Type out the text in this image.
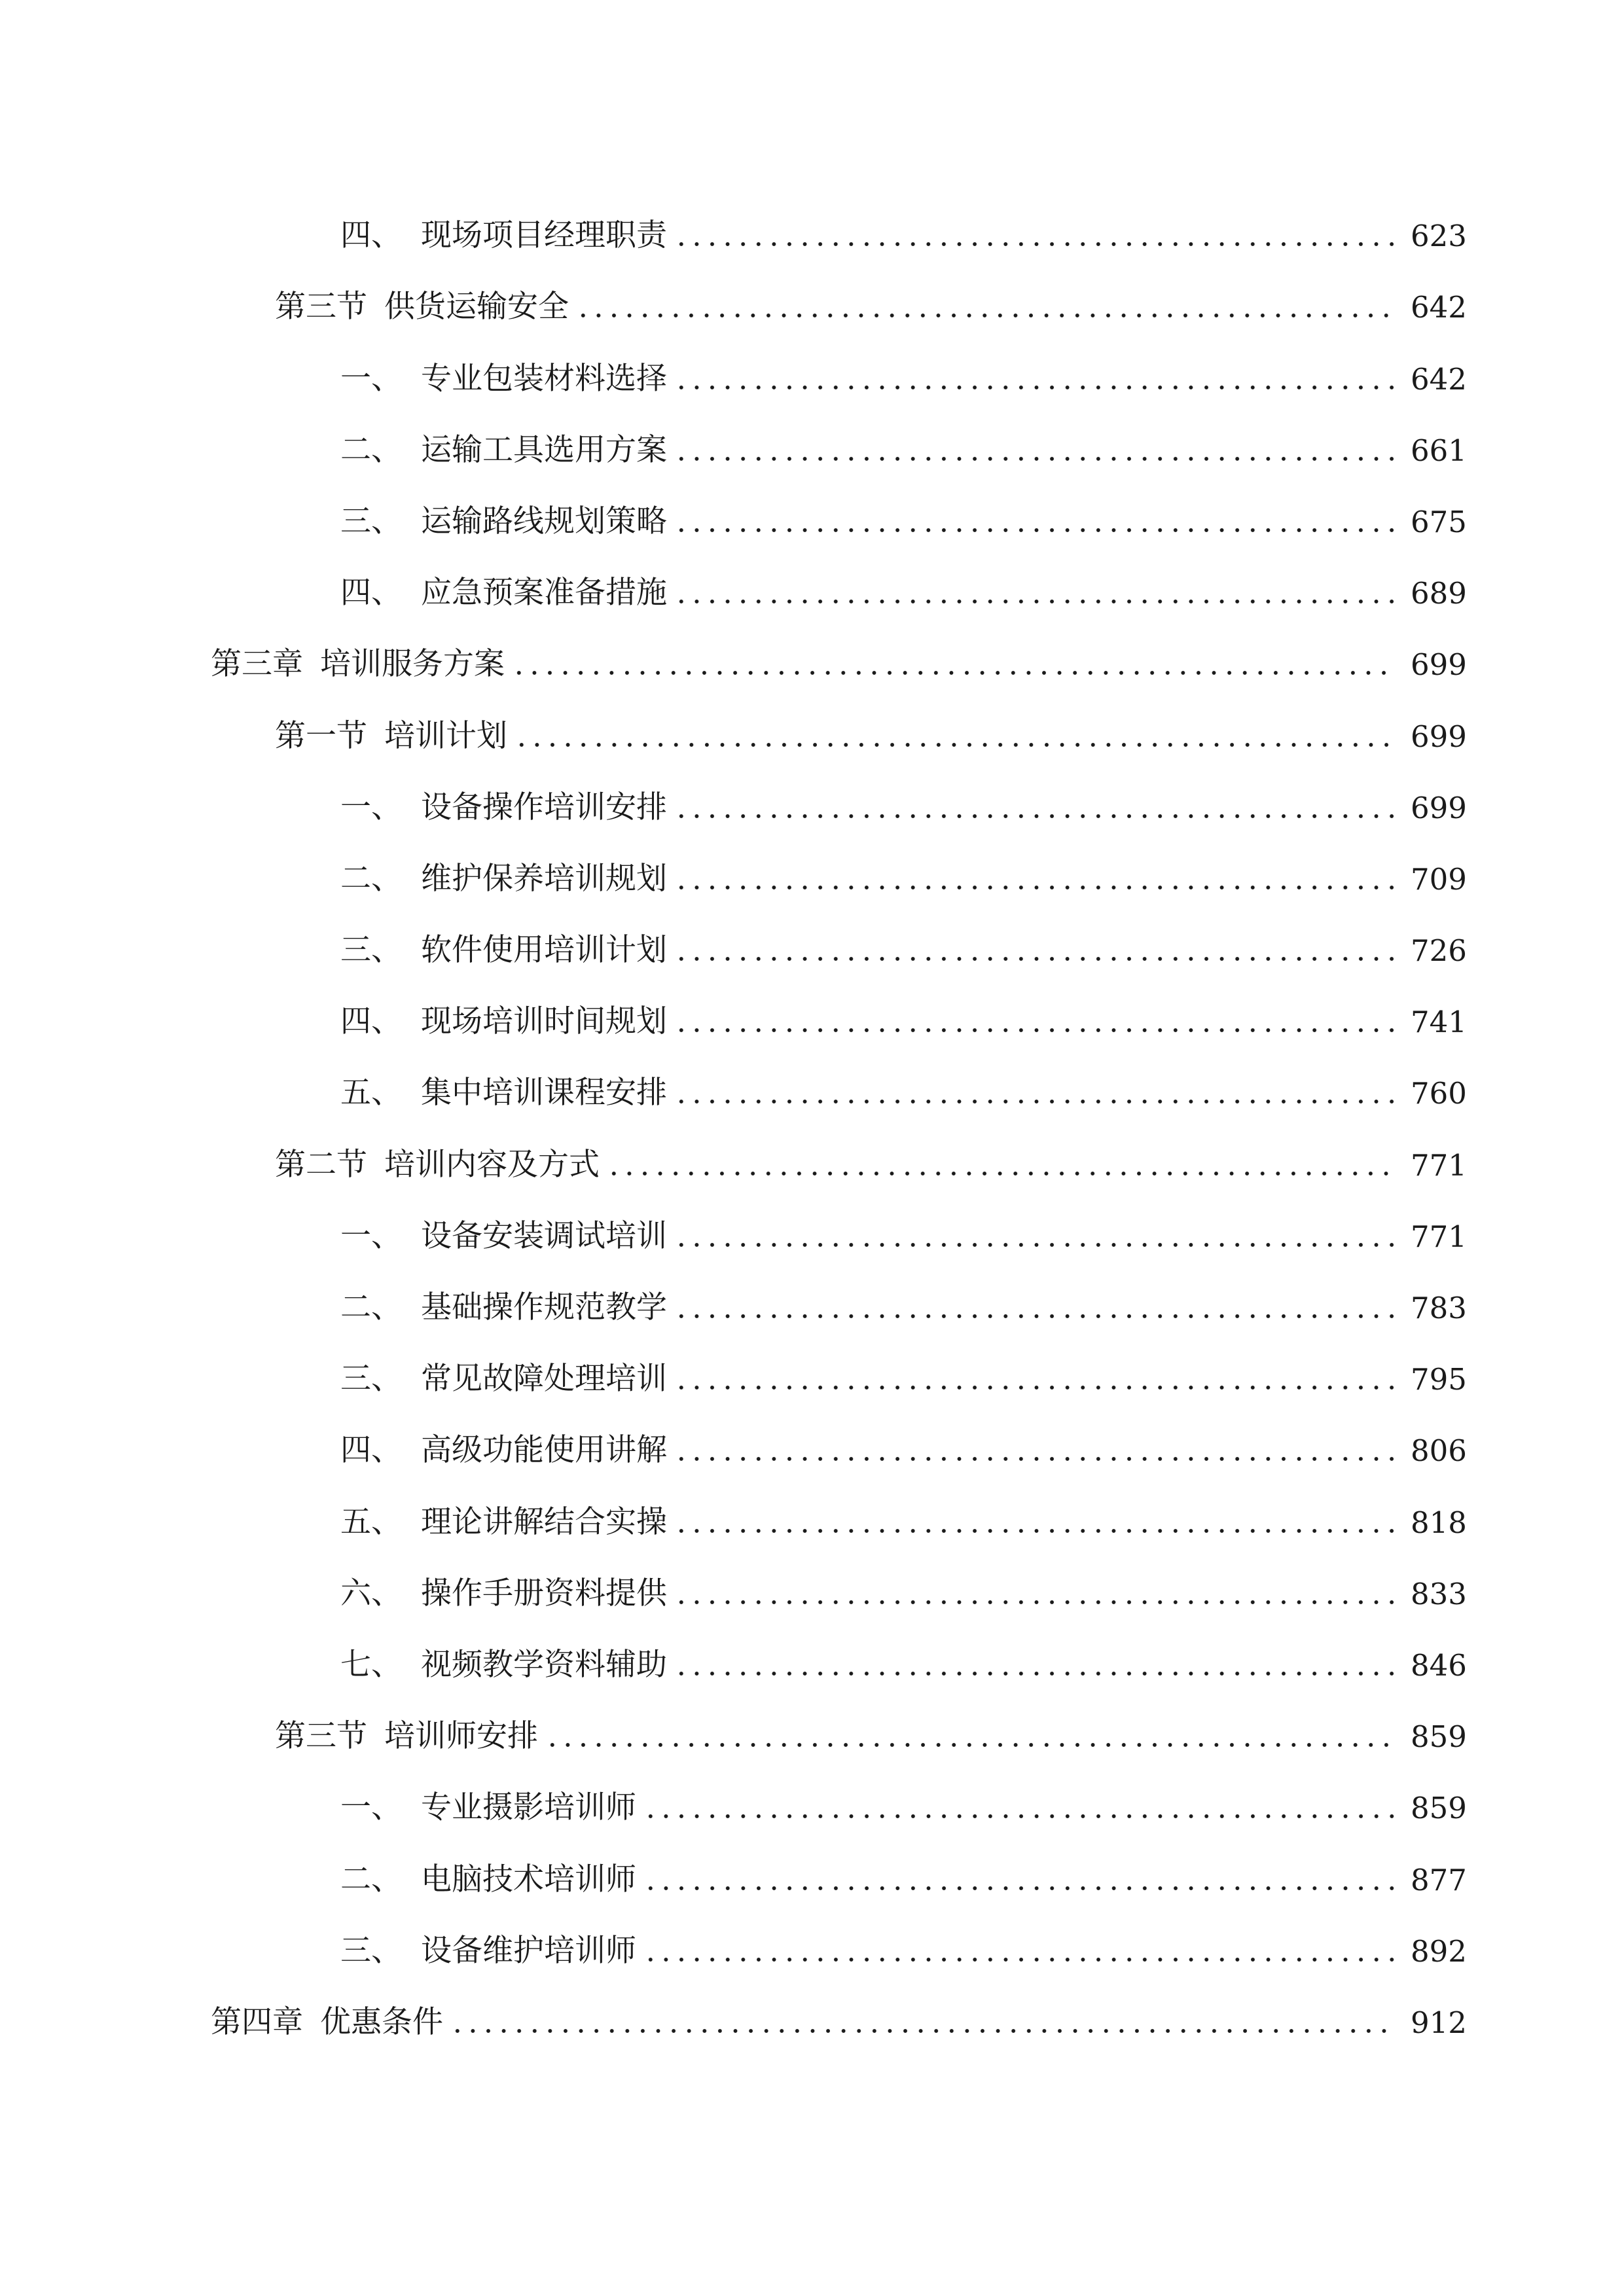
四、 现场项目经理职责	623
第三节 供货运输安全	642
一、 专业包装材料选择	642
二、 运输工具选用方案	661
三、 运输路线规划策略	675
四、 应急预案准备措施	689
第三章 培训服务方案	699
第一节 培训计划	699
一、 设备操作培训安排	699
二、 维护保养培训规划	709
三、 软件使用培训计划	726
四、 现场培训时间规划	741
五、 集中培训课程安排	760
第二节 培训内容及方式	771
一、 设备安装调试培训	771
二、 基础操作规范教学	783
三、 常见故障处理培训	795
四、 高级功能使用讲解	806
五、 理论讲解结合实操	818
六、 操作手册资料提供	833
七、 视频教学资料辅助	846
第三节 培训师安排	859
一、 专业摄影培训师	859
二、 电脑技术培训师	877
三、 设备维护培训师	892
第四章 优惠条件	912
